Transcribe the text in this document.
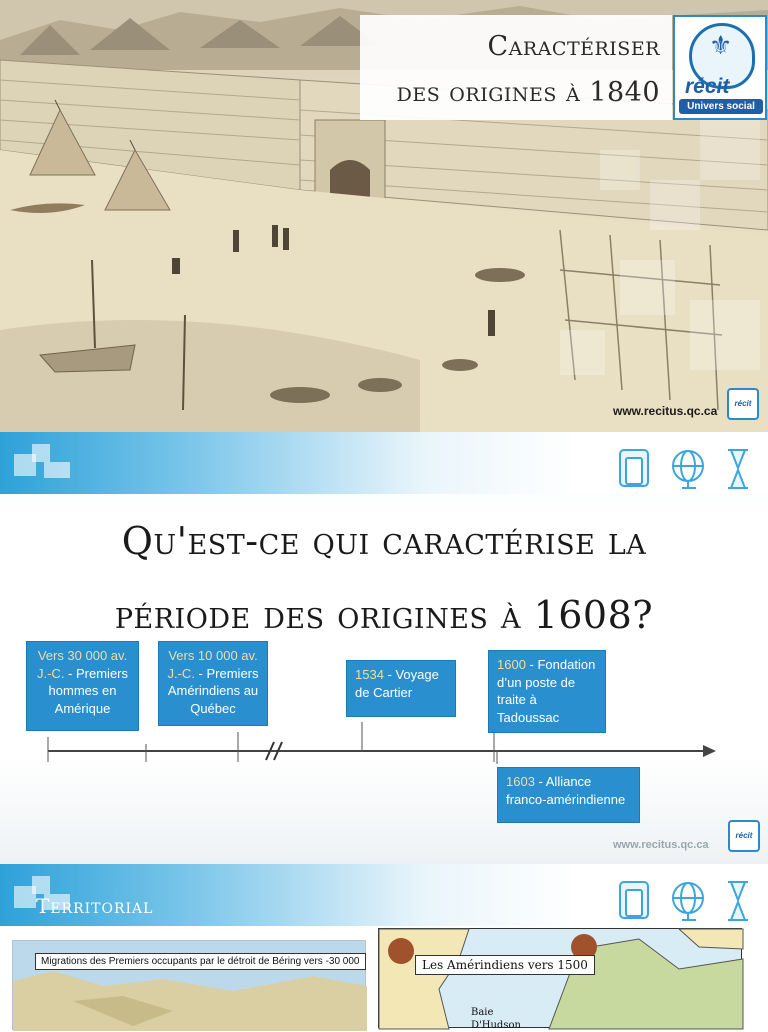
Caractériser
des origines à 1840
⚜
récit
Univers social
www.recitus.qc.ca
récit
Qu'est-ce qui caractérise la
période des origines à 1608?
Vers 30 000 av. J.-C. - Premiers hommes en Amérique
Vers 10 000 av. J.-C. - Premiers Amérindiens au Québec
1534 - Voyage de Cartier
1600 - Fondation d’un poste de traite à Tadoussac
1603 - Alliance franco-amérindienne
www.recitus.qc.ca
récit
Territorial
Migrations des Premiers occupants par le détroit de Béring vers -30 000	Les Amérindiens vers 1500
Baie
D'Hudson
